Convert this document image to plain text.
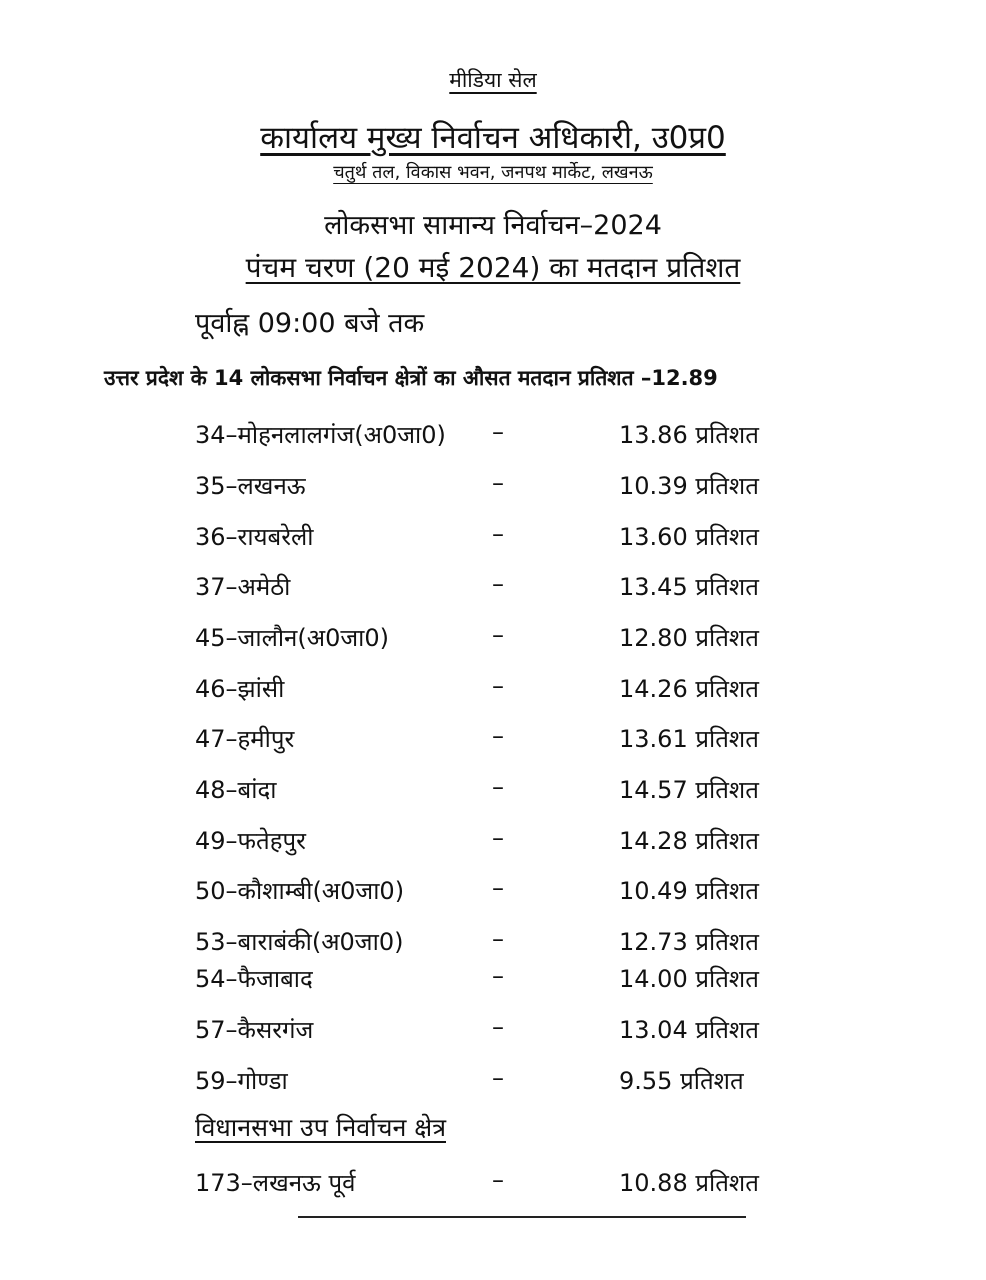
मीडिया सेल
कार्यालय मुख्य निर्वाचन अधिकारी, उ0प्र0
चतुर्थ तल, विकास भवन, जनपथ मार्केट, लखनऊ
लोकसभा सामान्य निर्वाचन–2024
पंचम चरण (20 मई 2024) का मतदान प्रतिशत
पूर्वाह्न 09:00 बजे तक
उत्तर प्रदेश के 14 लोकसभा निर्वाचन क्षेत्रों का औसत मतदान प्रतिशत –12.89
34–मोहनलालगंज(अ0जा0) –	13.86 प्रतिशत
35–लखनऊ	–	10.39 प्रतिशत
36–रायबरेली	–	13.60 प्रतिशत
37–अमेठी	–	13.45 प्रतिशत
45–जालौन(अ0जा0)	–	12.80 प्रतिशत
46–झांसी	–	14.26 प्रतिशत
47–हमीपुर	–	13.61 प्रतिशत
48–बांदा	–	14.57 प्रतिशत
49–फतेहपुर	–	14.28 प्रतिशत
50–कौशाम्बी(अ0जा0)	–	10.49 प्रतिशत
53–बाराबंकी(अ0जा0)	–	12.73 प्रतिशत
54–फैजाबाद	–	14.00 प्रतिशत
57–कैसरगंज	–	13.04 प्रतिशत
59–गोण्डा	–	9.55 प्रतिशत
विधानसभा उप निर्वाचन क्षेत्र
173–लखनऊ पूर्व	–	10.88 प्रतिशत
